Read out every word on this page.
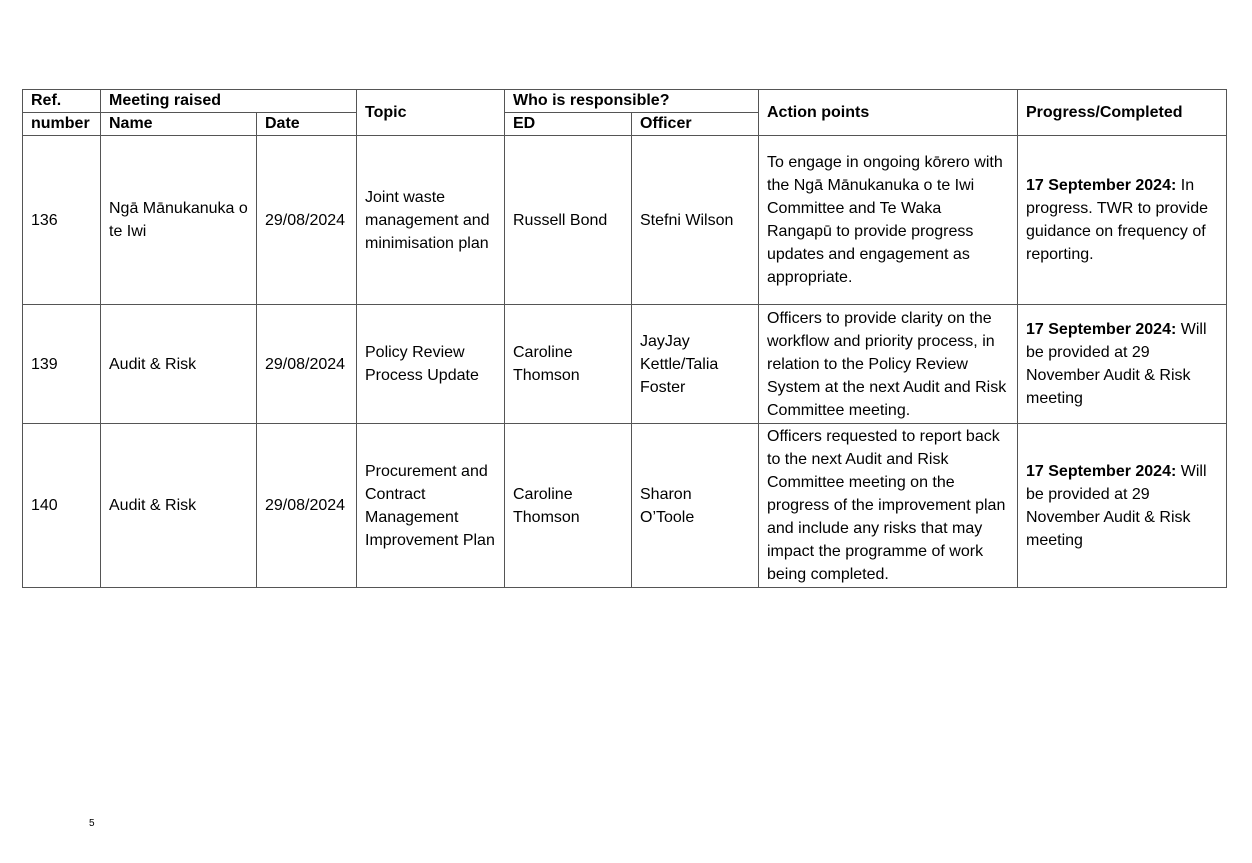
Ref.	Meeting raised		Topic	Who is responsible?		Action points	Progress/Completed
number	Name	Date		ED	Officer		
136	Ngā Mānukanuka o te Iwi	29/08/2024	Joint waste management and minimisation plan	Russell Bond	Stefni Wilson	To engage in ongoing kōrero with the Ngā Mānukanuka o te Iwi Committee and Te Waka Rangapū to provide progress updates and engagement as appropriate.	17 September 2024: In progress. TWR to provide guidance on frequency of reporting.
139	Audit & Risk	29/08/2024	Policy Review Process Update	Caroline Thomson	JayJay Kettle/Talia Foster	Officers to provide clarity on the workflow and priority process, in relation to the Policy Review System at the next Audit and Risk Committee meeting.	17 September 2024: Will be provided at 29 November Audit & Risk meeting
140	Audit & Risk	29/08/2024	Procurement and Contract Management Improvement Plan	Caroline Thomson	Sharon O’Toole	Officers requested to report back to the next Audit and Risk Committee meeting on the progress of the improvement plan and include any risks that may impact the programme of work being completed.	17 September 2024: Will be provided at 29 November Audit & Risk meeting
5
